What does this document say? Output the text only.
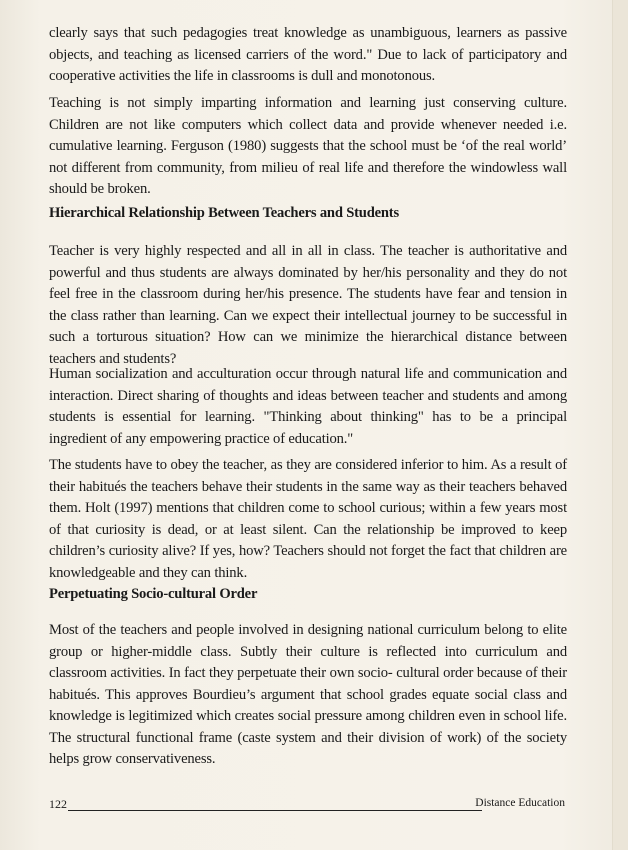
clearly says that such pedagogies treat knowledge as unambiguous, learners as passive objects, and teaching as licensed carriers of the word." Due to lack of participatory and cooperative activities the life in classrooms is dull and monotonous.

Teaching is not simply imparting information and learning just conserving culture. Children are not like computers which collect data and provide whenever needed i.e. cumulative learning. Ferguson (1980) suggests that the school must be ‘of the real world’ not different from community, from milieu of real life and therefore the windowless wall should be broken.

Hierarchical Relationship Between Teachers and Students

Teacher is very highly respected and all in all in class. The teacher is authoritative and powerful and thus students are always dominated by her/his personality and they do not feel free in the classroom during her/his presence. The students have fear and tension in the class rather than learning. Can we expect their intellectual journey to be successful in such a torturous situation? How can we minimize the hierarchical distance between teachers and students?

Human socialization and acculturation occur through natural life and communication and interaction. Direct sharing of thoughts and ideas between teacher and students and among students is essential for learning. "Thinking about thinking" has to be a principal ingredient of any empowering practice of education."

The students have to obey the teacher, as they are considered inferior to him. As a result of their habitués the teachers behave their students in the same way as their teachers behaved them. Holt (1997) mentions that children come to school curious; within a few years most of that curiosity is dead, or at least silent. Can the relationship be improved to keep children’s curiosity alive? If yes, how? Teachers should not forget the fact that children are knowledgeable and they can think.

Perpetuating Socio-cultural Order

Most of the teachers and people involved in designing national curriculum belong to elite group or higher-middle class. Subtly their culture is reflected into curriculum and classroom activities. In fact they perpetuate their own socio- cultural order because of their habitués. This approves Bourdieu’s argument that school grades equate social class and knowledge is legitimized which creates social pressure among children even in school life. The structural functional frame (caste system and their division of work) of the society helps grow conservativeness.

122	Distance Education
